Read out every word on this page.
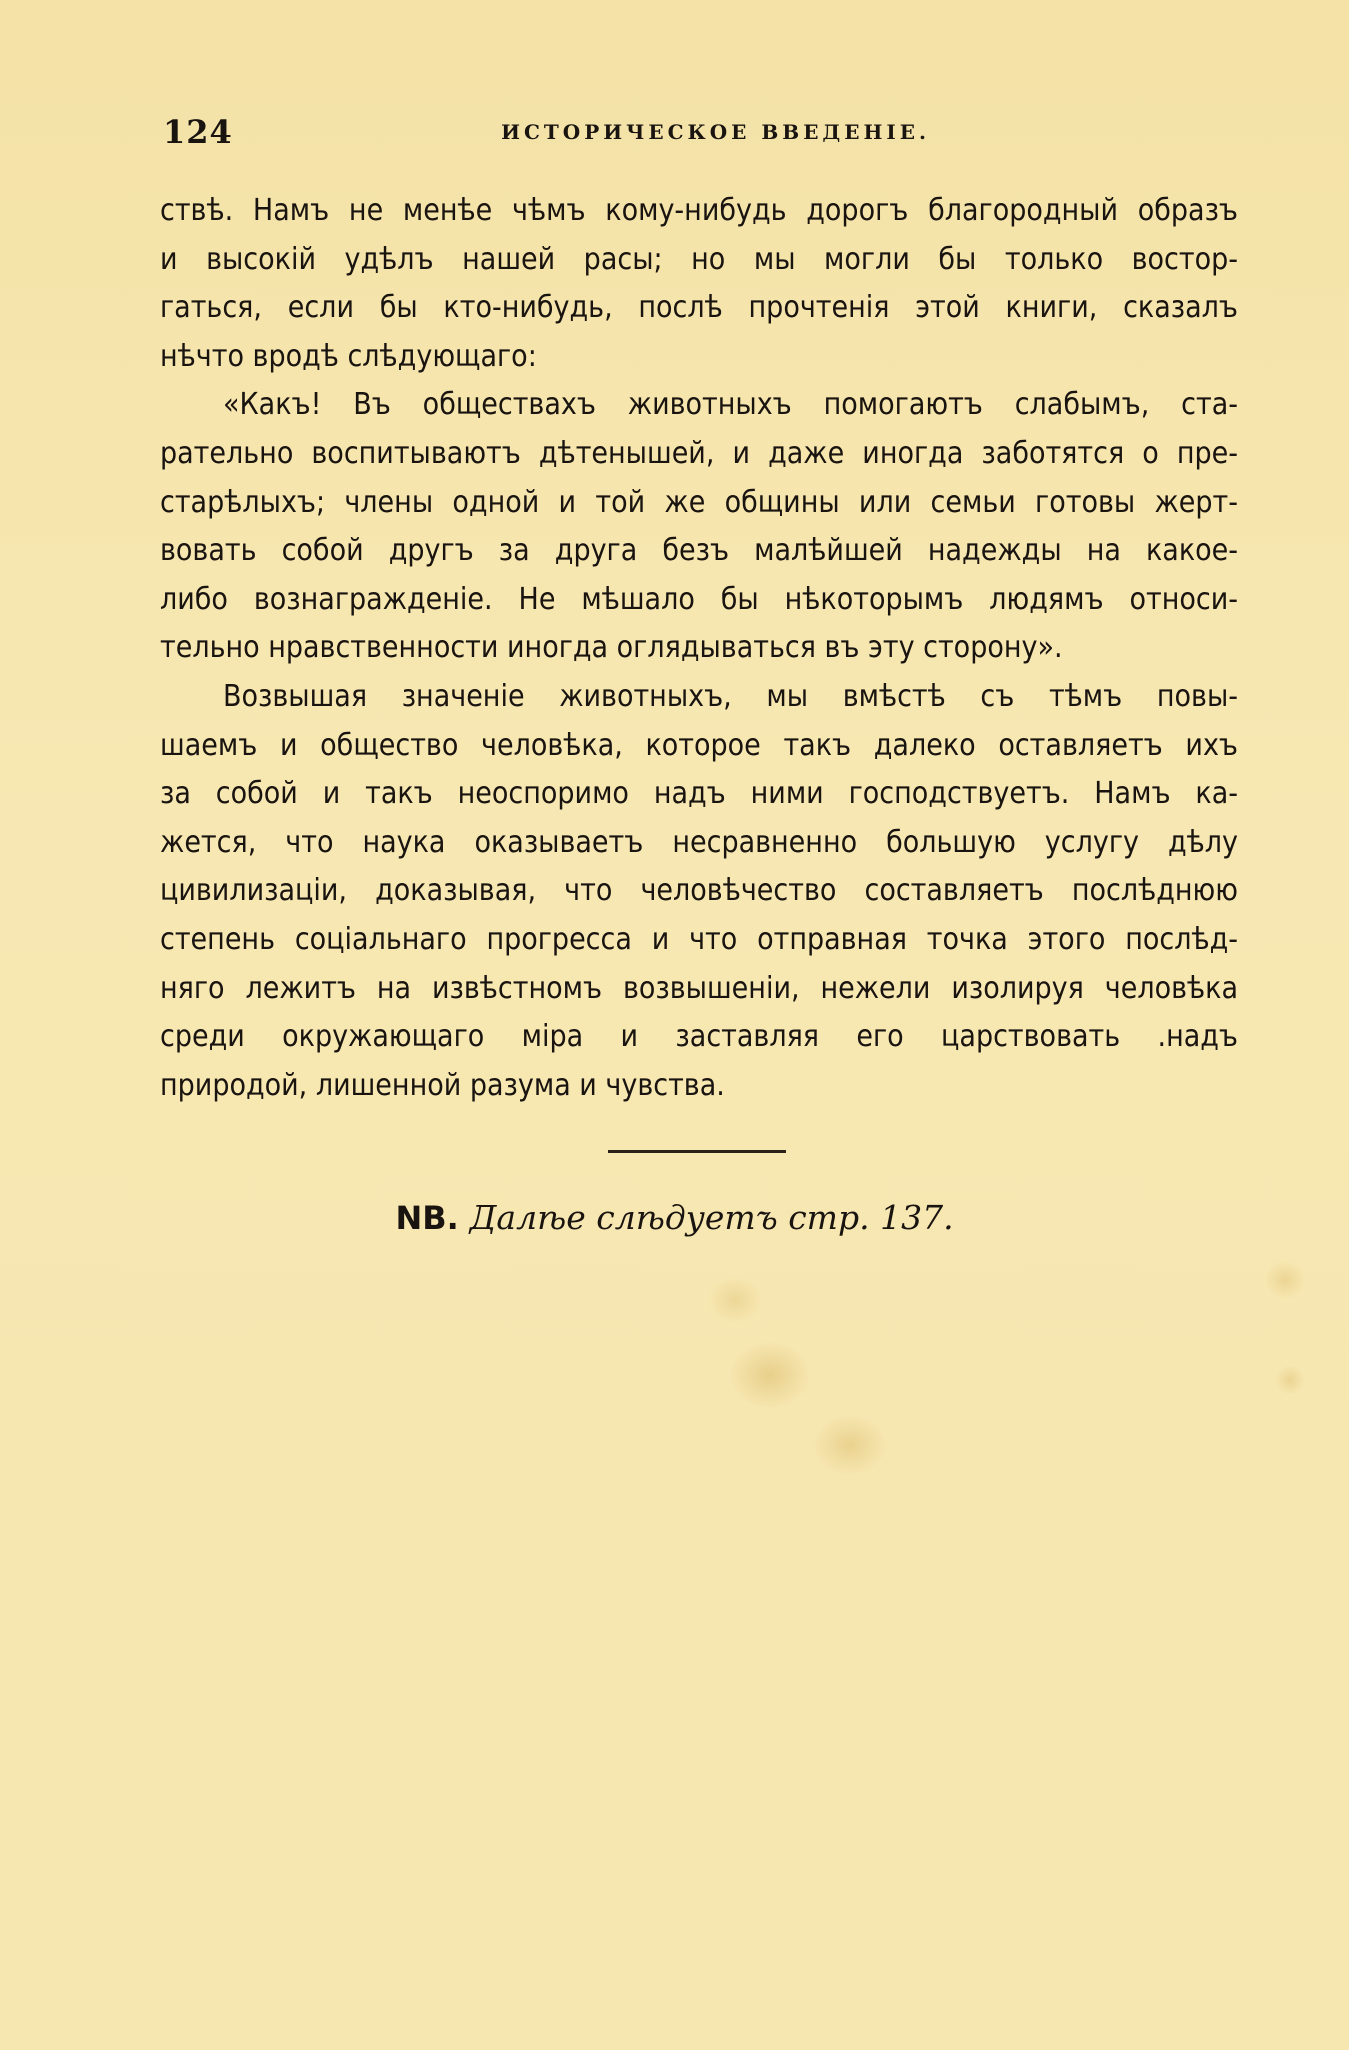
124	ИСТОРИЧЕСКОЕ ВВЕДЕНІЕ.
ствѣ. Намъ не менѣе чѣмъ кому-нибудь дорогъ благородный образъ
и высокій удѣлъ нашей расы; но мы могли бы только востор-
гаться, если бы кто-нибудь, послѣ прочтенія этой книги, сказалъ
нѣчто вродѣ слѣдующаго:
«Какъ! Въ обществахъ животныхъ помогаютъ слабымъ, ста-
рательно воспитываютъ дѣтенышей, и даже иногда заботятся о пре-
старѣлыхъ; члены одной и той же общины или семьи готовы жерт-
вовать собой другъ за друга безъ малѣйшей надежды на какое-
либо вознагражденіе. Не мѣшало бы нѣкоторымъ людямъ относи-
тельно нравственности иногда оглядываться въ эту сторону».
Возвышая значеніе животныхъ, мы вмѣстѣ съ тѣмъ повы-
шаемъ и общество человѣка, которое такъ далеко оставляетъ ихъ
за собой и такъ неоспоримо надъ ними господствуетъ. Намъ ка-
жется, что наука оказываетъ несравненно большую услугу дѣлу
цивилизаціи, доказывая, что человѣчество составляетъ послѣднюю
степень соціальнаго прогресса и что отправная точка этого послѣд-
няго лежитъ на извѣстномъ возвышеніи, нежели изолируя человѣка
среди окружающаго міра и заставляя его царствовать .надъ
природой, лишенной разума и чувства.
NB. Далѣе слѣдуетъ стр. 137.
